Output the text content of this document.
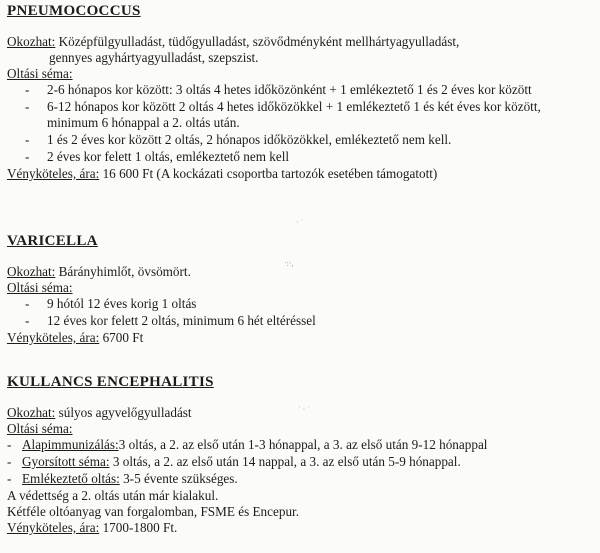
PNEUMOCOCCUS

Okozhat: Középfülgyulladást, tüdőgyulladást, szövődményként mellhártyagyulladást,

gennyes agyhártyagyulladást, szepszist.

Oltási séma:

- 2-6 hónapos kor között: 3 oltás 4 hetes időközönként + 1 emlékeztető 1 és 2 éves kor között
- 6-12 hónapos kor között 2 oltás 4 hetes időközökkel + 1 emlékeztető 1 és két éves kor között, minimum 6 hónappal a 2. oltás után.
- 1 és 2 éves kor között 2 oltás, 2 hónapos időközökkel, emlékeztető nem kell.
- 2 éves kor felett 1 oltás, emlékeztető nem kell

Vényköteles, ára: 16 600 Ft (A kockázati csoportba tartozók esetében támogatott)

VARICELLA

Okozhat: Bárányhimlőt, övsömört.

Oltási séma:

- 9 hótól 12 éves korig 1 oltás
- 12 éves kor felett 2 oltás, minimum 6 hét eltéréssel

Vényköteles, ára: 6700 Ft

KULLANCS ENCEPHALITIS

Okozhat: súlyos agyvelőgyulladást

Oltási séma:

- Alapimmunizálás:3 oltás, a 2. az első után 1-3 hónappal, a 3. az első után 9-12 hónappal
- Gyorsított séma: 3 oltás, a 2. az első után 14 nappal, a 3. az első után 5-9 hónappal.
- Emlékeztető oltás: 3-5 évente szükséges.

A védettség a 2. oltás után már kialakul.

Kétféle oltóanyag van forgalomban, FSME és Encepur.

Vényköteles, ára: 1700-1800 Ft.

· ˙
·:·,
˙ · ˙
